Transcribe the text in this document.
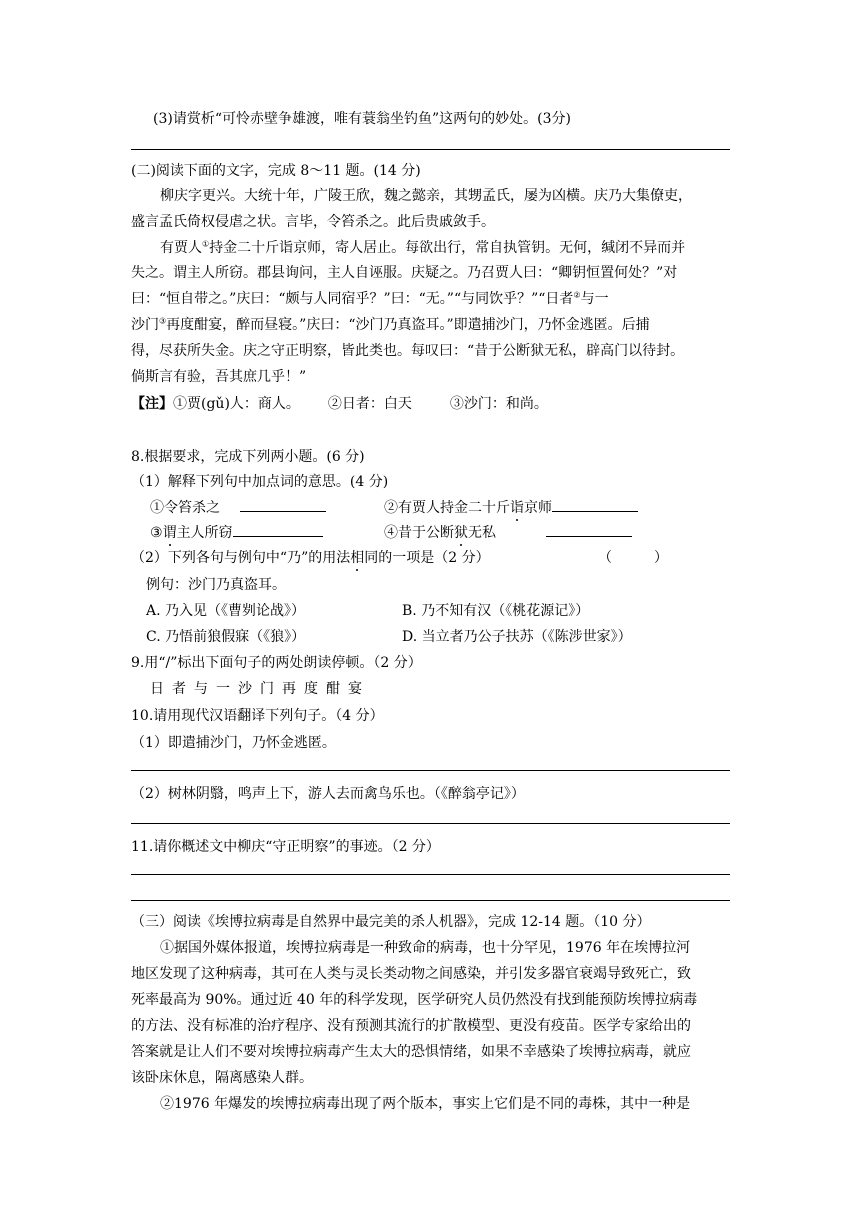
(3)请赏析“可怜赤壁争雄渡，唯有蓑翁坐钓鱼”这两句的妙处。(3分)
(二)阅读下面的文字，完成 8～11 题。(14 分)
柳庆字更兴。大统十年，广陵王欣，魏之懿亲，其甥孟氏，屡为凶横。庆乃大集僚吏，
盛言孟氏倚权侵虐之状。言毕，令笞杀之。此后贵戚敛手。
有贾人①持金二十斤诣京师，寄人居止。每欲出行，常自执管钥。无何，缄闭不异而并
失之。谓主人所窃。郡县询问，主人自诬服。庆疑之。乃召贾人曰：“卿钥恒置何处？”对
曰：“恒自带之。”庆曰：“颇与人同宿乎？”曰：“无。”“与同饮乎？”“日者②与一
沙门③再度酣宴，醉而昼寝。”庆曰：“沙门乃真盗耳。”即遣捕沙门，乃怀金逃匿。后捕
得，尽获所失金。庆之守正明察，皆此类也。每叹曰：“昔于公断狱无私，辟高门以待封。
倘斯言有验，吾其庶几乎！”
【注】①贾(gǔ)人：商人。 ②日者：白天	③沙门：和尚。
8.根据要求，完成下列两小题。(6 分)
（1）解释下列句中加点词的意思。(4 分)
①令笞杀之	②有贾人持金二十斤诣京师
③谓主人所窃	④昔于公断狱无私
（2）下列各句与例句中“乃”的用法相同的一项是（2 分）	（　　　）
例句：沙门乃真盗耳。
A. 乃入见（《曹刿论战》）	B. 乃不知有汉（《桃花源记》）
C. 乃悟前狼假寐（《狼》）	D. 当立者乃公子扶苏（《陈涉世家》）
9.用“/”标出下面句子的两处朗读停顿。（2 分）
日者与一沙门再度酣宴
10.请用现代汉语翻译下列句子。（4 分）
（1）即遣捕沙门，乃怀金逃匿。
（2）树林阴翳，鸣声上下，游人去而禽鸟乐也。（《醉翁亭记》）
11.请你概述文中柳庆“守正明察”的事迹。（2 分）
（三）阅读《埃博拉病毒是自然界中最完美的杀人机器》，完成 12-14 题。（10 分）
①据国外媒体报道，埃博拉病毒是一种致命的病毒，也十分罕见，1976 年在埃博拉河
地区发现了这种病毒，其可在人类与灵长类动物之间感染，并引发多器官衰竭导致死亡，致
死率最高为 90%。通过近 40 年的科学发现，医学研究人员仍然没有找到能预防埃博拉病毒
的方法、没有标准的治疗程序、没有预测其流行的扩散模型、更没有疫苗。医学专家给出的
答案就是让人们不要对埃博拉病毒产生太大的恐惧情绪，如果不幸感染了埃博拉病毒，就应
该卧床休息，隔离感染人群。
②1976 年爆发的埃博拉病毒出现了两个版本，事实上它们是不同的毒株，其中一种是
